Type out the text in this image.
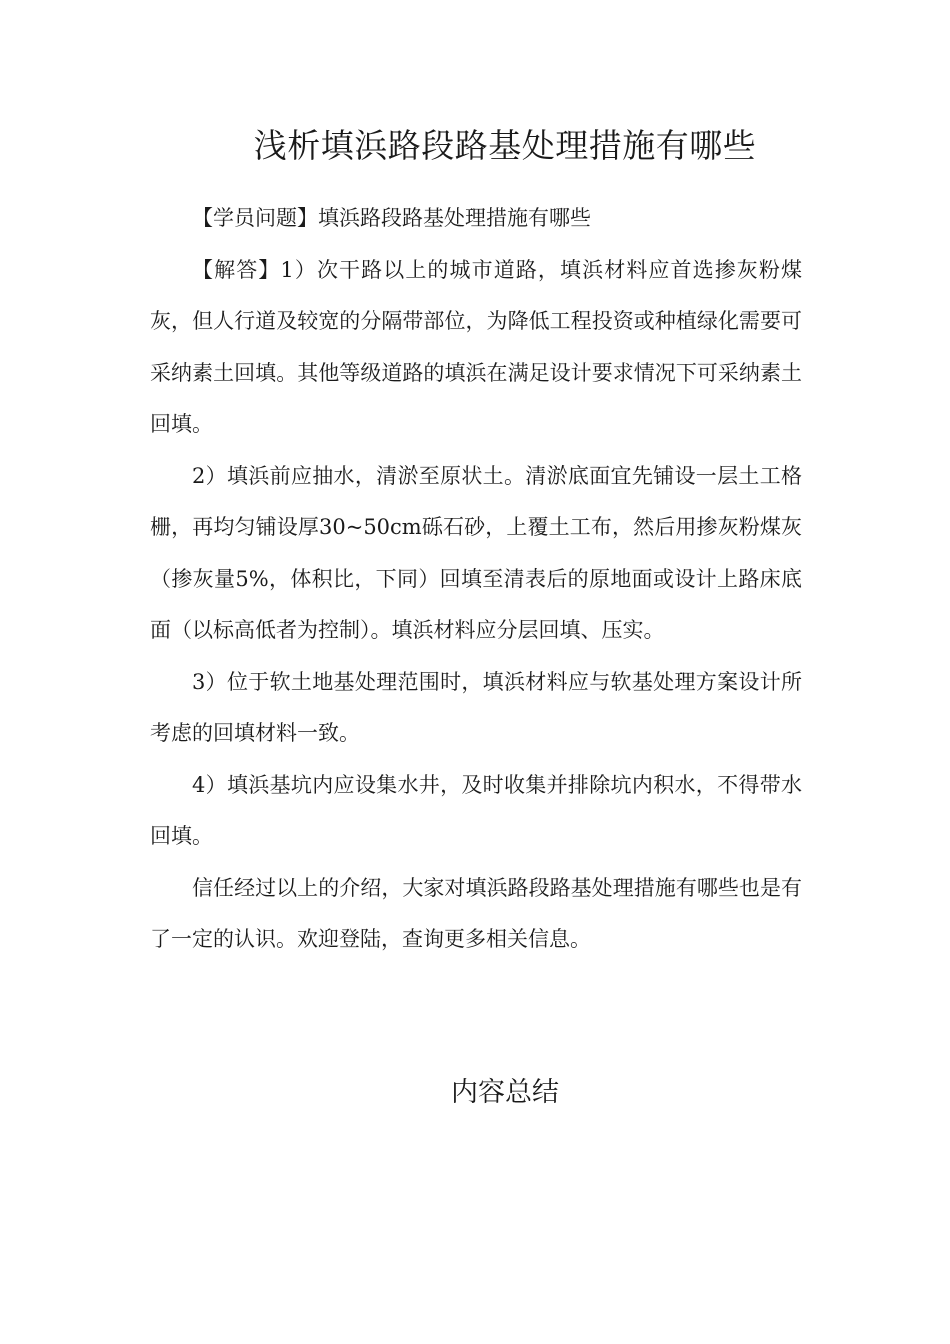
浅析填浜路段路基处理措施有哪些

【学员问题】填浜路段路基处理措施有哪些

【解答】1）次干路以上的城市道路，填浜材料应首选掺灰粉煤灰，但人行道及较宽的分隔带部位，为降低工程投资或种植绿化需要可采纳素土回填。其他等级道路的填浜在满足设计要求情况下可采纳素土回填。

2）填浜前应抽水，清淤至原状土。清淤底面宜先铺设一层土工格栅，再均匀铺设厚30~50cm砾石砂，上覆土工布，然后用掺灰粉煤灰（掺灰量5%，体积比，下同）回填至清表后的原地面或设计上路床底面（以标高低者为控制）。填浜材料应分层回填、压实。

3）位于软土地基处理范围时，填浜材料应与软基处理方案设计所考虑的回填材料一致。

4）填浜基坑内应设集水井，及时收集并排除坑内积水，不得带水回填。

信任经过以上的介绍，大家对填浜路段路基处理措施有哪些也是有了一定的认识。欢迎登陆，查询更多相关信息。

内容总结
